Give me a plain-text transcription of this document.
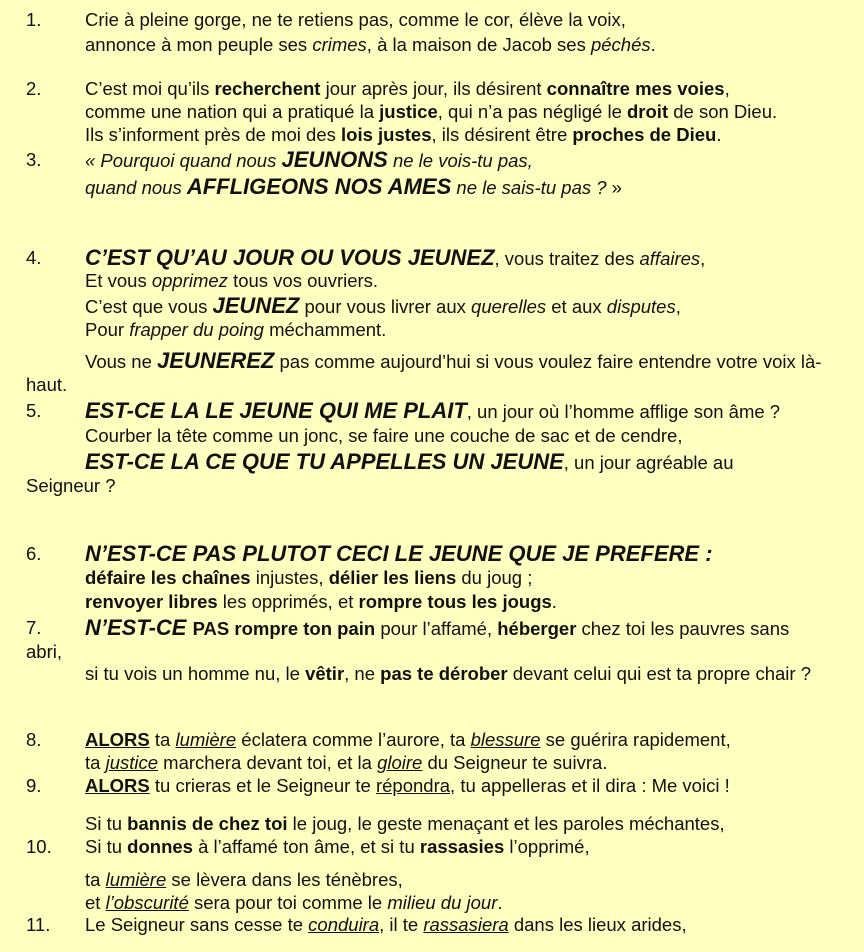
1. Crie à pleine gorge, ne te retiens pas, comme le cor, élève la voix,
annonce à mon peuple ses crimes, à la maison de Jacob ses péchés.
2. C’est moi qu’ils recherchent jour après jour, ils désirent connaître mes voies,
comme une nation qui a pratiqué la justice, qui n’a pas négligé le droit de son Dieu.
Ils s’informent près de moi des lois justes, ils désirent être proches de Dieu.
3. « Pourquoi quand nous JEUNONS ne le vois-tu pas,
quand nous AFFLIGEONS NOS AMES ne le sais-tu pas ? »
4. C’EST QU’AU JOUR OU VOUS JEUNEZ, vous traitez des affaires,
Et vous opprimez tous vos ouvriers.
C’est que vous JEUNEZ pour vous livrer aux querelles et aux disputes,
Pour frapper du poing méchamment.
Vous ne JEUNEREZ pas comme aujourd’hui si vous voulez faire entendre votre voix là-
haut.
5. EST-CE LA LE JEUNE QUI ME PLAIT, un jour où l’homme afflige son âme ?
Courber la tête comme un jonc, se faire une couche de sac et de cendre,
EST-CE LA CE QUE TU APPELLES UN JEUNE, un jour agréable au
Seigneur ?
6. N’EST-CE PAS PLUTOT CECI LE JEUNE QUE JE PREFERE :
défaire les chaînes injustes, délier les liens du joug ;
renvoyer libres les opprimés, et rompre tous les jougs.
7. N’EST-CE PAS rompre ton pain pour l’affamé, héberger chez toi les pauvres sans
abri,
si tu vois un homme nu, le vêtir, ne pas te dérober devant celui qui est ta propre chair ?
8. ALORS ta lumière éclatera comme l’aurore, ta blessure se guérira rapidement,
ta justice marchera devant toi, et la gloire du Seigneur te suivra.
9. ALORS tu crieras et le Seigneur te répondra, tu appelleras et il dira : Me voici !
Si tu bannis de chez toi le joug, le geste menaçant et les paroles méchantes,
10. Si tu donnes à l’affamé ton âme, et si tu rassasies l’opprimé,
ta lumière se lèvera dans les ténèbres,
et l’obscurité sera pour toi comme le milieu du jour.
11. Le Seigneur sans cesse te conduira, il te rassasiera dans les lieux arides,
